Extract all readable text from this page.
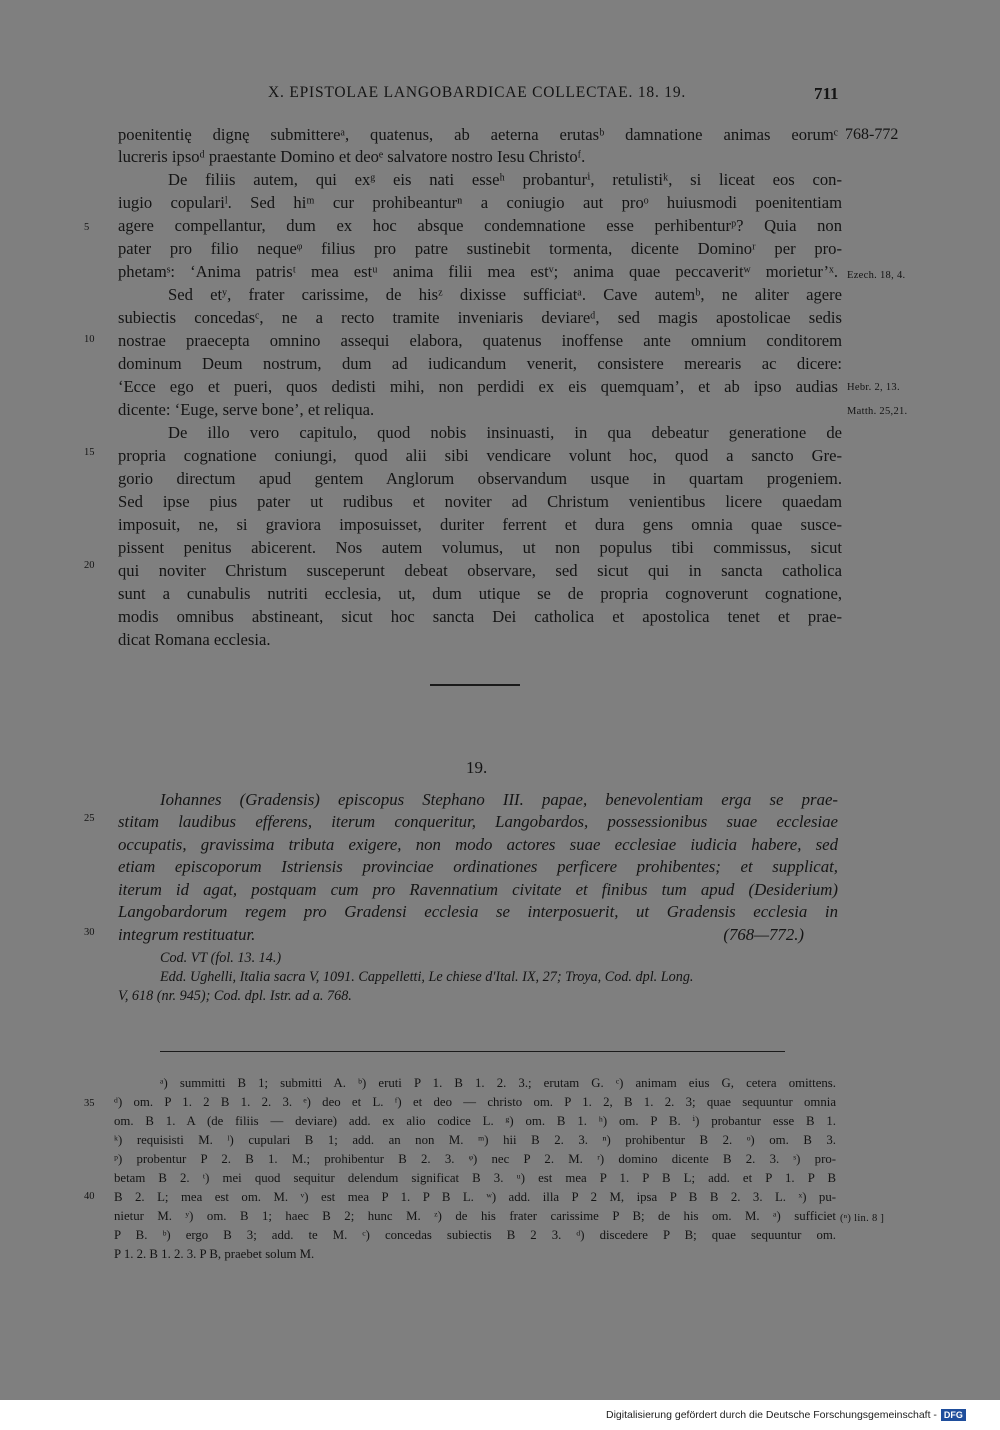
X. EPISTOLAE LANGOBARDICAE COLLECTAE. 18. 19.	711
768-772
Ezech. 18, 4.
Hebr. 2, 13.
Matth. 25,21.
(ⁿ) lin. 8 ]
5
10
15
20
25
30
35
40
poenitentię dignę submittereᵃ, quatenus, ab aeterna erutasᵇ damnatione animas eorumᶜ
lucreris ipsoᵈ praestante Domino et deoᵉ salvatore nostro Iesu Christoᶠ.
De filiis autem, qui exᵍ eis nati esseʰ probanturⁱ, retulistiᵏ, si liceat eos con-
iugio copulariˡ. Sed hiᵐ cur prohibeanturⁿ a coniugio aut proᵒ huiusmodi poenitentiam
agere compellantur, dum ex hoc absque condemnatione esse perhibenturᵖ? Quia non
pater pro filio nequeᵠ filius pro patre sustinebit tormenta, dicente Dominoʳ per pro-
phetamˢ: ‘Anima patrisᵗ mea estᵘ anima filii mea estᵛ; anima quae peccaveritʷ morietur’ˣ.
Sed etʸ, frater carissime, de hisᶻ dixisse sufficiatᵃ. Cave autemᵇ, ne aliter agere
subiectis concedasᶜ, ne a recto tramite inveniaris deviareᵈ, sed magis apostolicae sedis
nostrae praecepta omnino assequi elabora, quatenus inoffense ante omnium conditorem
dominum Deum nostrum, dum ad iudicandum venerit, consistere merearis ac dicere:
‘Ecce ego et pueri, quos dedisti mihi, non perdidi ex eis quemquam’, et ab ipso audias
dicente: ‘Euge, serve bone’, et reliqua.
De illo vero capitulo, quod nobis insinuasti, in qua debeatur generatione de
propria cognatione coniungi, quod alii sibi vendicare volunt hoc, quod a sancto Gre-
gorio directum apud gentem Anglorum observandum usque in quartam progeniem.
Sed ipse pius pater ut rudibus et noviter ad Christum venientibus licere quaedam
imposuit, ne, si graviora imposuisset, duriter ferrent et dura gens omnia quae susce-
pissent penitus abicerent. Nos autem volumus, ut non populus tibi commissus, sicut
qui noviter Christum susceperunt debeat observare, sed sicut qui in sancta catholica
sunt a cunabulis nutriti ecclesia, ut, dum utique se de propria cognoverunt cognatione,
modis omnibus abstineant, sicut hoc sancta Dei catholica et apostolica tenet et prae-
dicat Romana ecclesia.
19.
Iohannes (Gradensis) episcopus Stephano III. papae, benevolentiam erga se prae-
stitam laudibus efferens, iterum conqueritur, Langobardos, possessionibus suae ecclesiae
occupatis, gravissima tributa exigere, non modo actores suae ecclesiae iudicia habere, sed
etiam episcoporum Istriensis provinciae ordinationes perficere prohibentes; et supplicat,
iterum id agat, postquam cum pro Ravennatium civitate et finibus tum apud (Desiderium)
Langobardorum regem pro Gradensi ecclesia se interposuerit, ut Gradensis ecclesia in
integrum restituatur.	(768—772.)
Cod. VT (fol. 13. 14.)
Edd. Ughelli, Italia sacra V, 1091. Cappelletti, Le chiese d'Ital. IX, 27; Troya, Cod. dpl. Long.
V, 618 (nr. 945); Cod. dpl. Istr. ad a. 768.
ᵃ) summitti B 1; submitti A. ᵇ) eruti P 1. B 1. 2. 3.; erutam G. ᶜ) animam eius G, cetera omittens.
ᵈ) om. P 1. 2 B 1. 2. 3. ᵉ) deo et L. ᶠ) et deo — christo om. P 1. 2, B 1. 2. 3; quae sequuntur omnia
om. B 1. A (de filiis — deviare) add. ex alio codice L. ᵍ) om. B 1. ʰ) om. P B. ⁱ) probantur esse B 1.
ᵏ) requisisti M. ˡ) cupulari B 1; add. an non M. ᵐ) hii B 2. 3. ⁿ) prohibentur B 2. ᵒ) om. B 3.
ᵖ) probentur P 2. B 1. M.; prohibentur B 2. 3. ᵠ) nec P 2. M. ʳ) domino dicente B 2. 3. ˢ) pro-
betam B 2. ᵗ) mei quod sequitur delendum significat B 3. ᵘ) est mea P 1. P B L; add. et P 1. P B
B 2. L; mea est om. M. ᵛ) est mea P 1. P B L. ʷ) add. illa P 2 M, ipsa P B B 2. 3. L. ˣ) pu-
nietur M. ʸ) om. B 1; haec B 2; hunc M. ᶻ) de his frater carissime P B; de his om. M. ᵃ) sufficiet
P B. ᵇ) ergo B 3; add. te M. ᶜ) concedas subiectis B 2 3. ᵈ) discedere P B; quae sequuntur om.
P 1. 2. B 1. 2. 3. P B, praebet solum M.
Digitalisierung gefördert durch die Deutsche Forschungsgemeinschaft - DFG
